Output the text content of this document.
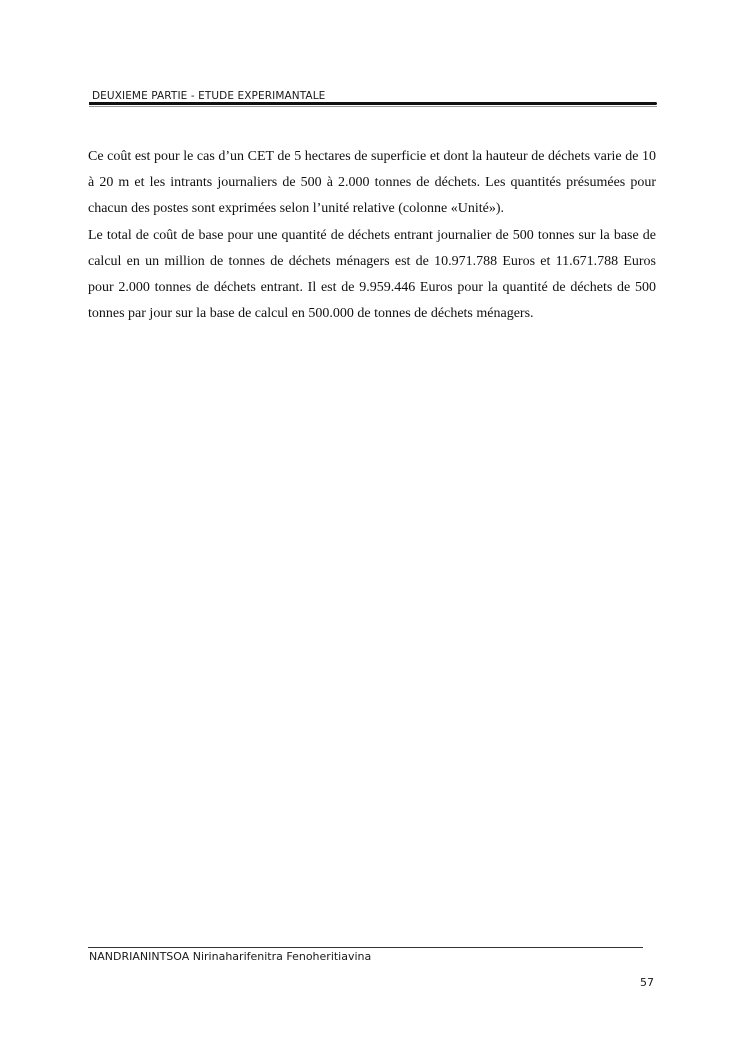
DEUXIEME PARTIE - ETUDE EXPERIMANTALE

Ce coût est pour le cas d’un CET de 5 hectares de superficie et dont la hauteur de déchets varie de 10 à 20 m et les intrants journaliers de 500 à 2.000 tonnes de déchets. Les quantités présumées pour chacun des postes sont exprimées selon l’unité relative (colonne «Unité»).

Le total de coût de base pour une quantité de déchets entrant journalier de 500 tonnes sur la base de calcul en un million de tonnes de déchets ménagers est de 10.971.788 Euros et 11.671.788 Euros pour 2.000 tonnes de déchets entrant. Il est de 9.959.446 Euros pour la quantité de déchets de 500 tonnes par jour sur la base de calcul en 500.000 de tonnes de déchets ménagers.

NANDRIANINTSOA Nirinaharifenitra Fenoheritiavina
57
